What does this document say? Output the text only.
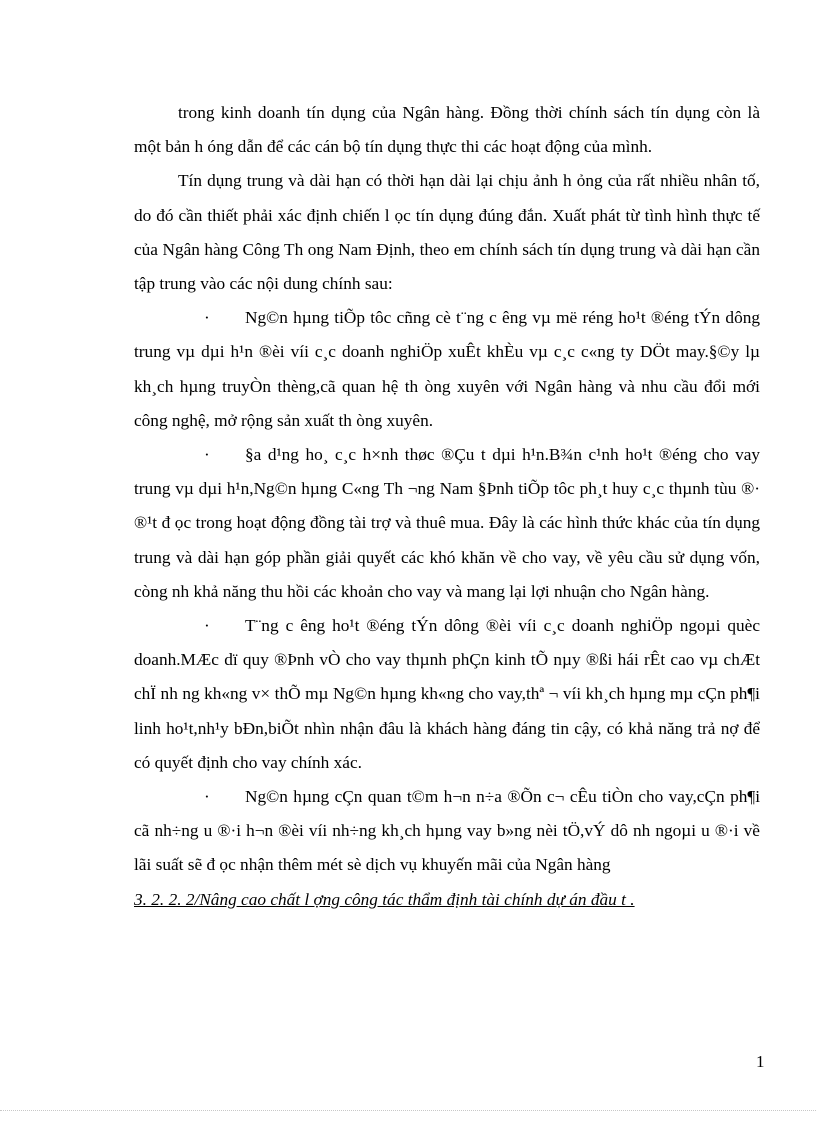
trong kinh doanh tín dụng của Ngân hàng. Đồng thời chính sách tín dụng còn là một bản h óng dẫn để các cán bộ tín dụng thực thi các hoạt động của mình.

Tín dụng trung và dài hạn có thời hạn dài lại chịu ảnh h ỏng của rất nhiều nhân tố, do đó cần thiết phải xác định chiến l ọc tín dụng đúng đắn. Xuất phát từ tình hình thực tế của Ngân hàng Công Th ong Nam Định, theo em chính sách tín dụng trung và dài hạn cần tập trung vào các nội dung chính sau:

· Ng©n hµng tiÕp tôc cñng cè t¨ng c êng vµ më réng ho¹t ®éng tÝn dông trung vµ dµi h¹n ®èi víi c¸c doanh nghiÖp xuÊt khÈu vµ c¸c c«ng ty DÖt may.§©y lµ kh¸ch hµng truyÒn thèng,cã quan hệ th òng xuyên với Ngân hàng và nhu cầu đổi mới công nghệ, mở rộng sản xuất th òng xuyên.

· §a d¹ng ho¸ c¸c h×nh thøc ®Çu t dµi h¹n.B¾n c¹nh ho¹t ®éng cho vay trung vµ dµi h¹n,Ng©n hµng C«ng Th ¬ng Nam §Þnh tiÕp tôc ph¸t huy c¸c thµnh tùu ®· ®¹t đ ọc trong hoạt động đồng tài trợ và thuê mua. Đây là các hình thức khác của tín dụng trung và dài hạn góp phần giải quyết các khó khăn về cho vay, về yêu cầu sử dụng vốn, còng nh khả năng thu hồi các khoản cho vay và mang lại lợi nhuận cho Ngân hàng.

· T¨ng c êng ho¹t ®éng tÝn dông ®èi víi c¸c doanh nghiÖp ngoµi quèc doanh.MÆc dï quy ®Þnh vÒ cho vay thµnh phÇn kinh tÕ nµy ®ßi hái rÊt cao vµ chÆt chÏ nh ng kh«ng v× thÕ mµ Ng©n hµng kh«ng cho vay,thª ¬ víi kh¸ch hµng mµ cÇn ph¶i linh ho¹t,nh¹y bÐn,biÕt nhìn nhận đâu là khách hàng đáng tin cậy, có khả năng trả nợ để có quyết định cho vay chính xác.

· Ng©n hµng cÇn quan t©m h¬n n÷a ®Õn c¬ cÊu tiÒn cho vay,cÇn ph¶i cã nh÷ng u ®·i h¬n ®èi víi nh÷ng kh¸ch hµng vay b»ng nèi tÖ,vÝ dô nh ngoµi u ®·i về lãi suất sẽ đ ọc nhận thêm mét sè dịch vụ khuyến mãi của Ngân hàng

3. 2. 2. 2/Nâng cao chất l ợng công tác thẩm định tài chính dự án đầu t .

1
